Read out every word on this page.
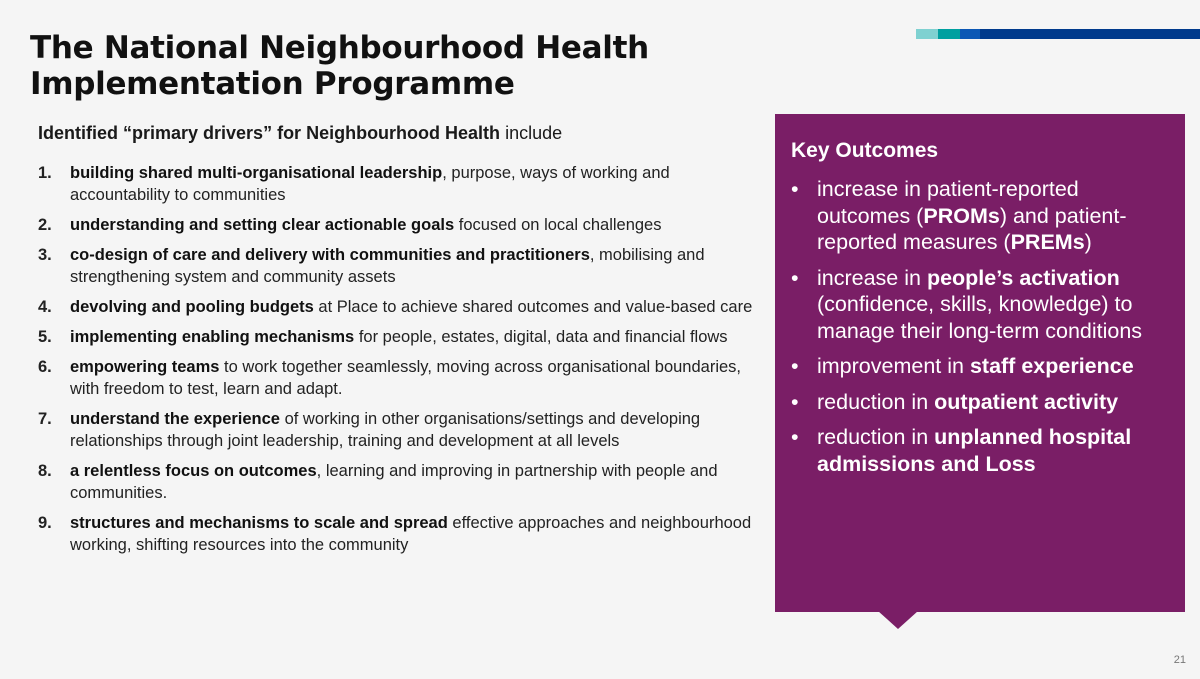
The National Neighbourhood Health
Implementation Programme

Identified “primary drivers” for Neighbourhood Health include

1. building shared multi-organisational leadership, purpose, ways of working and accountability to communities
2. understanding and setting clear actionable goals focused on local challenges
3. co-design of care and delivery with communities and practitioners, mobilising and strengthening system and community assets
4. devolving and pooling budgets at Place to achieve shared outcomes and value-based care
5. implementing enabling mechanisms for people, estates, digital, data and financial flows
6. empowering teams to work together seamlessly, moving across organisational boundaries, with freedom to test, learn and adapt.
7. understand the experience of working in other organisations/settings and developing relationships through joint leadership, training and development at all levels
8. a relentless focus on outcomes, learning and improving in partnership with people and communities.
9. structures and mechanisms to scale and spread effective approaches and neighbourhood working, shifting resources into the community
Key Outcomes
• increase in patient-reported outcomes (PROMs) and patient-reported measures (PREMs)
• increase in people’s activation (confidence, skills, knowledge) to manage their long-term conditions
• improvement in staff experience
• reduction in outpatient activity
• reduction in unplanned hospital admissions and Loss
21
